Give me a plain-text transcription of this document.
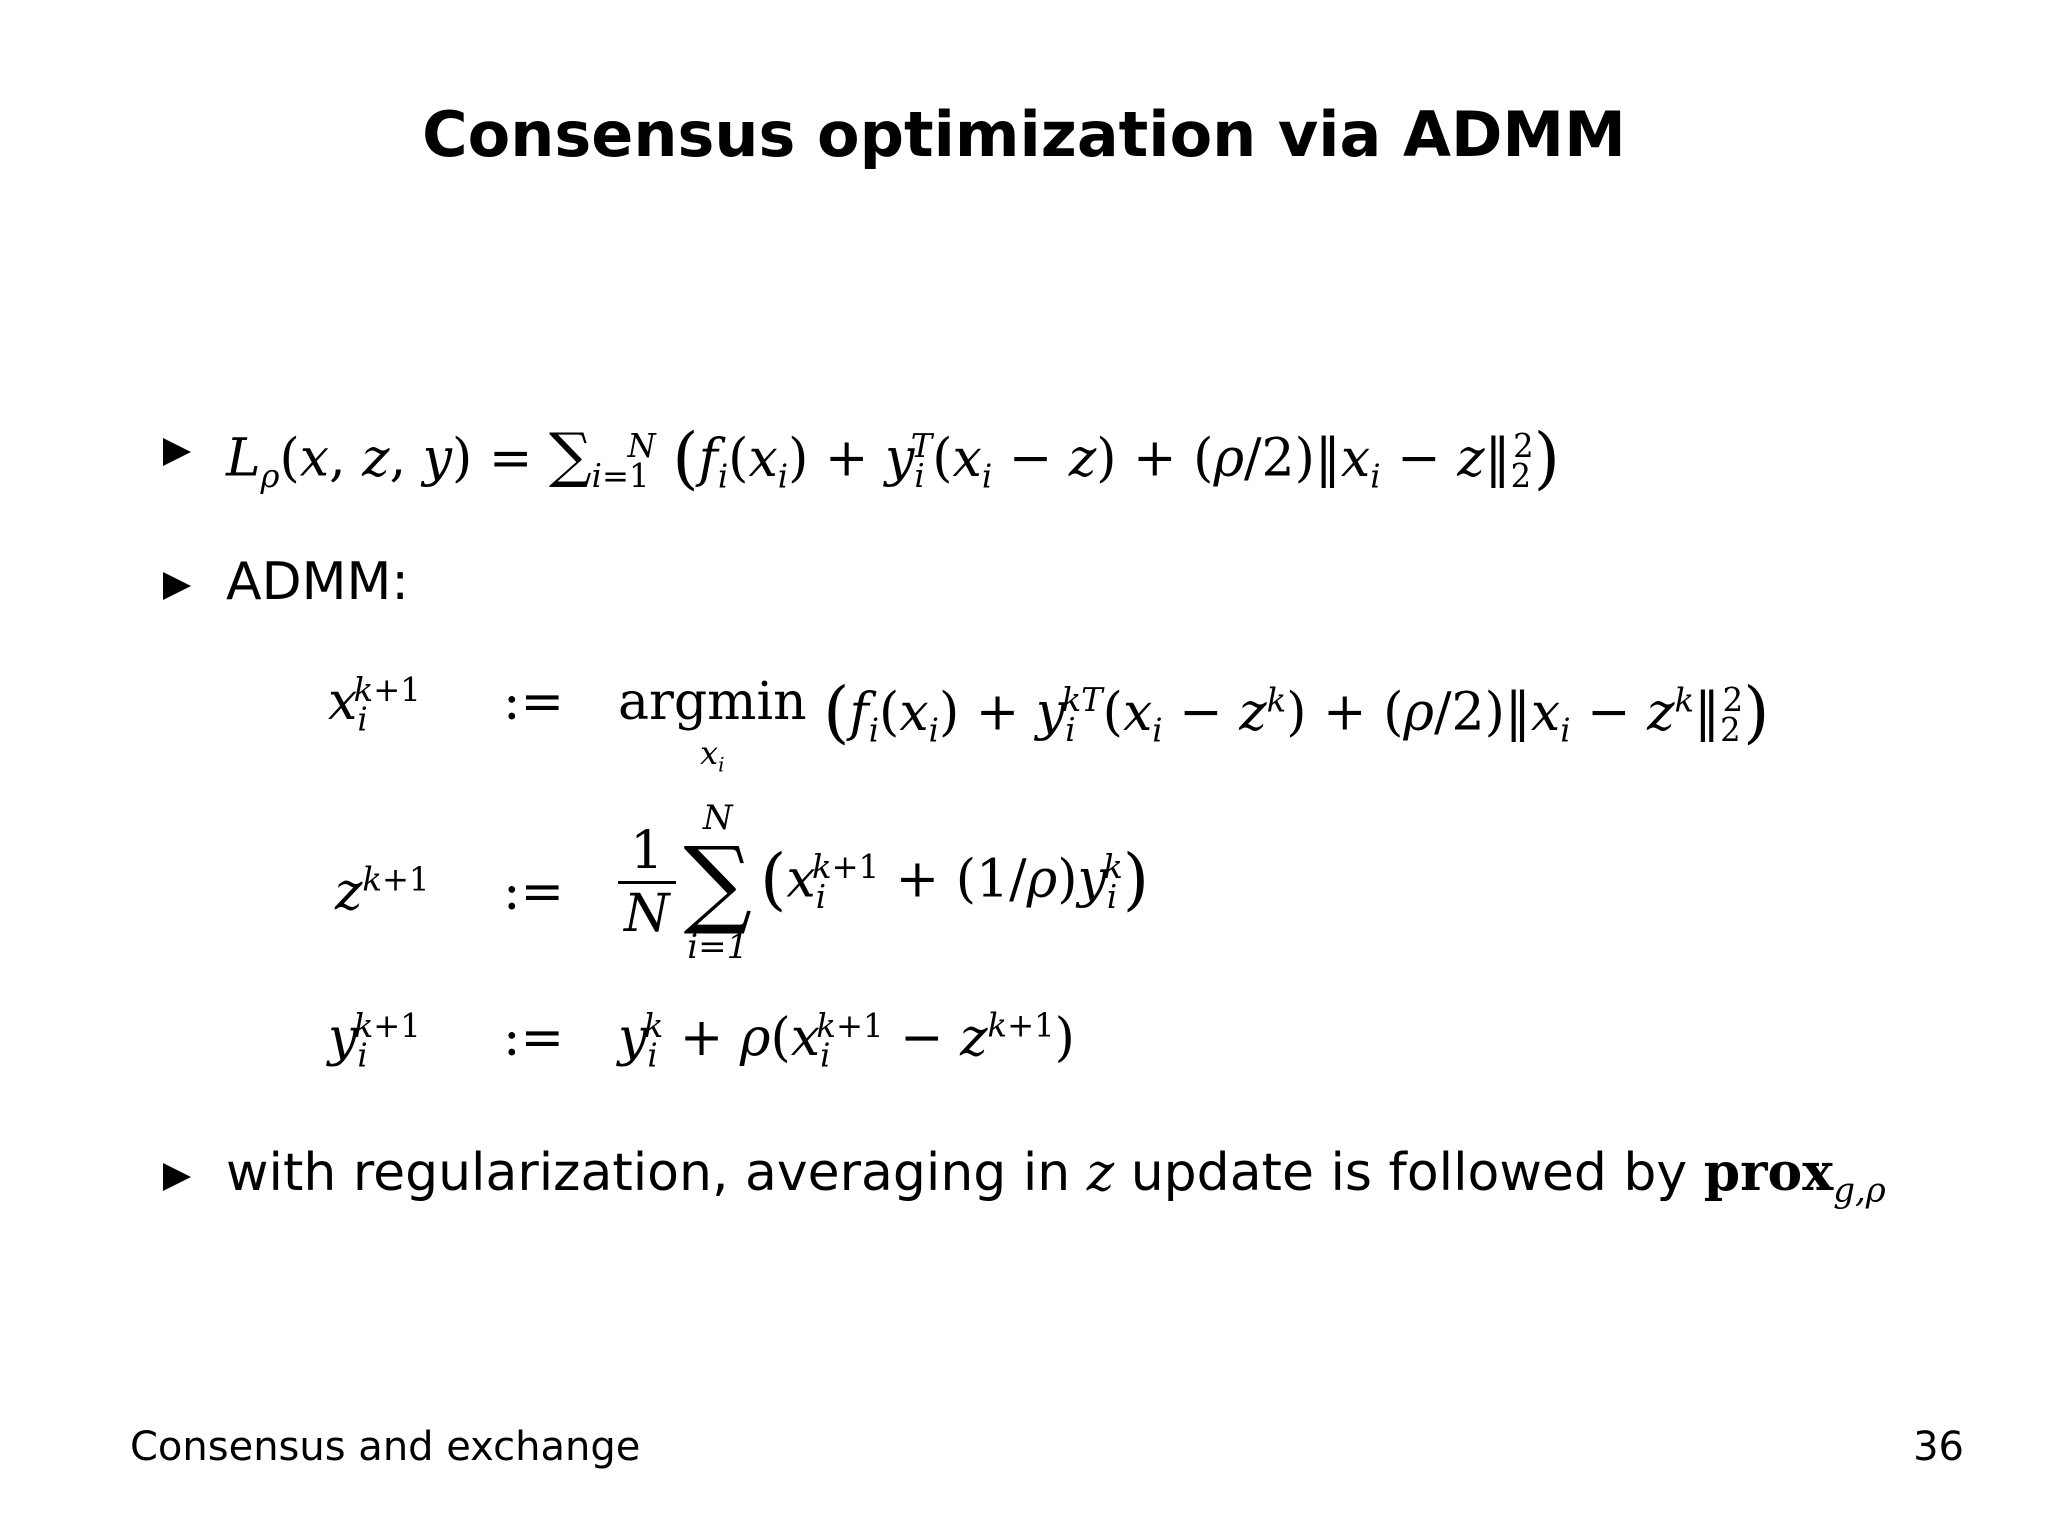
Consensus optimization via ADMM
$L_\rho(x$, z, $y) = \sum_{i=1}^N$ ($f_i(x_i) + y_i^T(x_i - z)$ + $(\rho/2)‖x_i$ − $z‖_2^2$)
ADMM:
$x_i^{k+1}$ := argmin
$x_i$
($f_i(x_i) + y_i^{kT}(x_i - z^k)$ + $(\rho/2)‖x_i$ − $z^k‖_2^2$)
$z^{k+1}$ := $\frac{1}{N}$
N
∑
i=1
$(x_i^{k+1} + (1/\rho)y_i^k)$
$y_i^{k+1}$ := $y_i^k + \rho(x_i^{k+1} - z^{k+1})$
with regularization, averaging in z update is followed by prox$_{g,\rho}$
Consensus and exchange	36
